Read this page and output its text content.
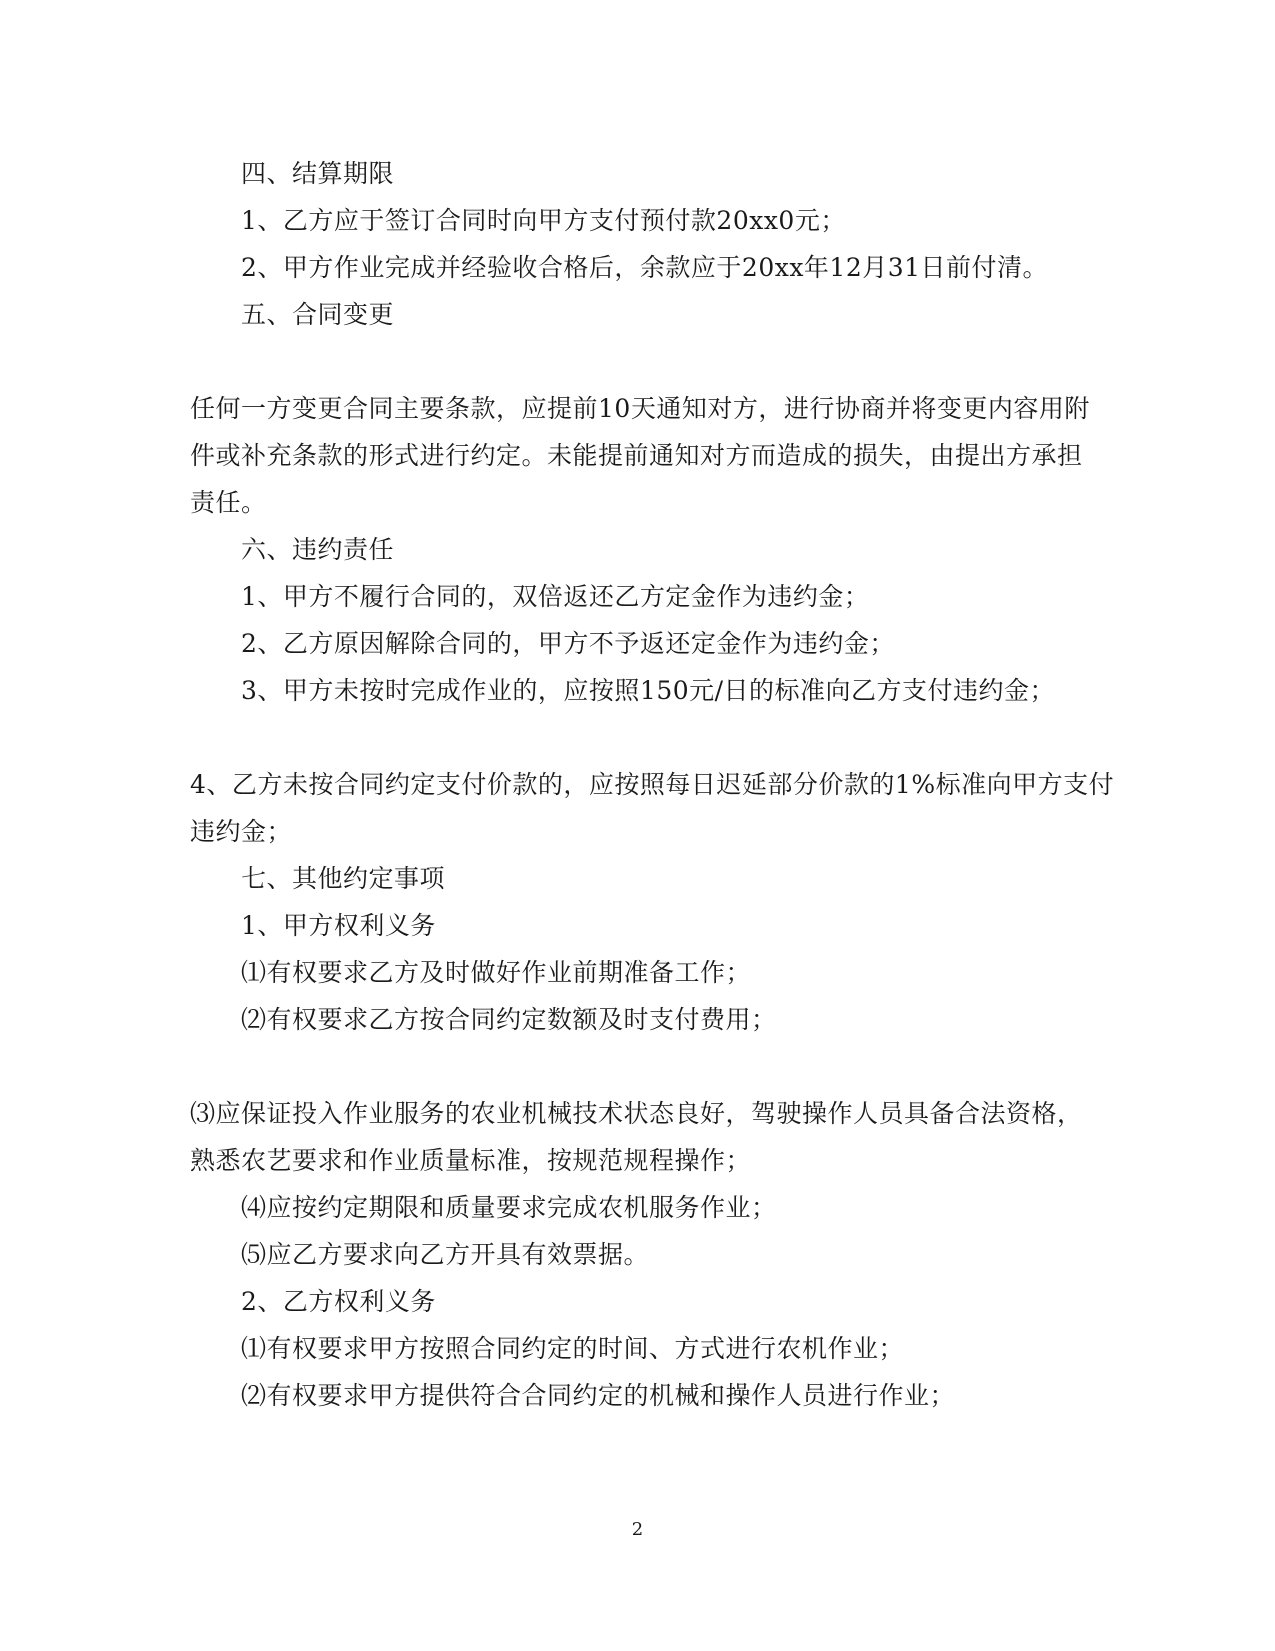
四、结算期限
1、乙方应于签订合同时向甲方支付预付款20xx0元；
2、甲方作业完成并经验收合格后，余款应于20xx年12月31日前付清。
五、合同变更
任何一方变更合同主要条款，应提前10天通知对方，进行协商并将变更内容用附
件或补充条款的形式进行约定。未能提前通知对方而造成的损失，由提出方承担
责任。
六、违约责任
1、甲方不履行合同的，双倍返还乙方定金作为违约金；
2、乙方原因解除合同的，甲方不予返还定金作为违约金；
3、甲方未按时完成作业的，应按照150元/日的标准向乙方支付违约金；
4、乙方未按合同约定支付价款的，应按照每日迟延部分价款的1%标准向甲方支付
违约金；
七、其他约定事项
1、甲方权利义务
⑴有权要求乙方及时做好作业前期准备工作；
⑵有权要求乙方按合同约定数额及时支付费用；
⑶应保证投入作业服务的农业机械技术状态良好，驾驶操作人员具备合法资格，
熟悉农艺要求和作业质量标准，按规范规程操作；
⑷应按约定期限和质量要求完成农机服务作业；
⑸应乙方要求向乙方开具有效票据。
2、乙方权利义务
⑴有权要求甲方按照合同约定的时间、方式进行农机作业；
⑵有权要求甲方提供符合合同约定的机械和操作人员进行作业；
2
